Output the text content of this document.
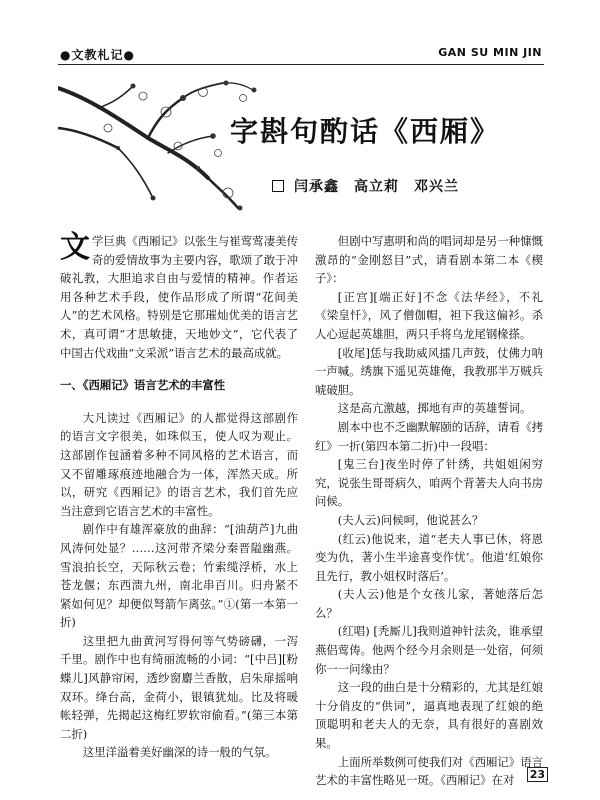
●文教札记●	GAN SU MIN JIN
字斟句酌话《西厢》
闫承鑫　高立莉　邓兴兰

文学巨典《西厢记》以张生与崔莺莺凄美传奇的爱情故事为主要内容，歌颂了敢于冲破礼教，大胆追求自由与爱情的精神。作者运用各种艺术手段，使作品形成了所谓“花间美人”的艺术风格。特别是它那璀灿优美的语言艺术，真可谓“才思敏捷，天地妙文”，它代表了中国古代戏曲“文采派”语言艺术的最高成就。

一、《西厢记》语言艺术的丰富性

大凡读过《西厢记》的人都觉得这部剧作的语言文字很美，如珠似玉，使人叹为观止。这部剧作包涵着多种不同风格的艺术语言，而又不留雕琢痕迹地融合为一体，浑然天成。所以，研究《西厢记》的语言艺术，我们首先应当注意到它语言艺术的丰富性。

剧作中有雄浑豪放的曲辞：“[油葫芦]九曲风涛何处显？……这河带齐梁分秦晋隘幽燕。雪浪拍长空，天际秋云卷；竹索缆浮桥，水上苍龙偃；东西溃九州，南北串百川。归舟紧不紧如何见？却便似弩箭乍离弦。”①(第一本第一折)

这里把九曲黄河写得何等气势磅礴，一泻千里。剧作中也有绮丽流畅的小词：“[中吕][粉蝶儿]风静帘闲，透纱窗麝兰香散，启朱扉摇响双环。绛台高，金荷小，银镇犹灿。比及将暖帐轻弹，先揭起这梅红罗软帘偷看。”(第三本第二折)

这里洋溢着美好幽深的诗一般的气氛。

但剧中写惠明和尚的唱词却是另一种慷慨激昂的“金刚怒目”式，请看剧本第二本《楔子》：

[正宫][端正好]不念《法华经》，不礼《梁皇忏》，风了僧伽帽，袒下我这偏衫。杀人心逗起英雄胆，两只手将乌龙尾钢椽搽。

[收尾]恁与我助威风擂几声鼓，仗佛力呐一声喊。绣旗下遥见英雄俺，我教那半万贼兵唬破胆。

这是高亢激越，掷地有声的英雄誓词。

剧本中也不乏幽默解颐的话辞，请看《拷红》一折(第四本第二折)中一段唱：

[鬼三台]夜坐时停了针绣，共姐姐闲穷究，说张生哥哥病久，咱两个背著夫人向书房问候。

(夫人云)问候呵，他说甚么？

(红云)他说来，道“老夫人事已休，将恩变为仇，著小生半途喜变作忧’。他道‘红娘你且先行，教小姐权时落后’。

(夫人云)他是个女孩儿家，著她落后怎么？

(红唱) [秃厮儿]我则道神针法灸，谁承望燕侣莺俦。他两个经今月余则是一处宿，何须你一一问缘由？

这一段的曲白是十分精彩的，尤其是红娘十分俏皮的“供词”，逼真地表现了红娘的绝顶聪明和老夫人的无奈，具有很好的喜剧效果。

上面所举数例可使我们对《西厢记》语言艺术的丰富性略见一斑。《西厢记》在对	23
